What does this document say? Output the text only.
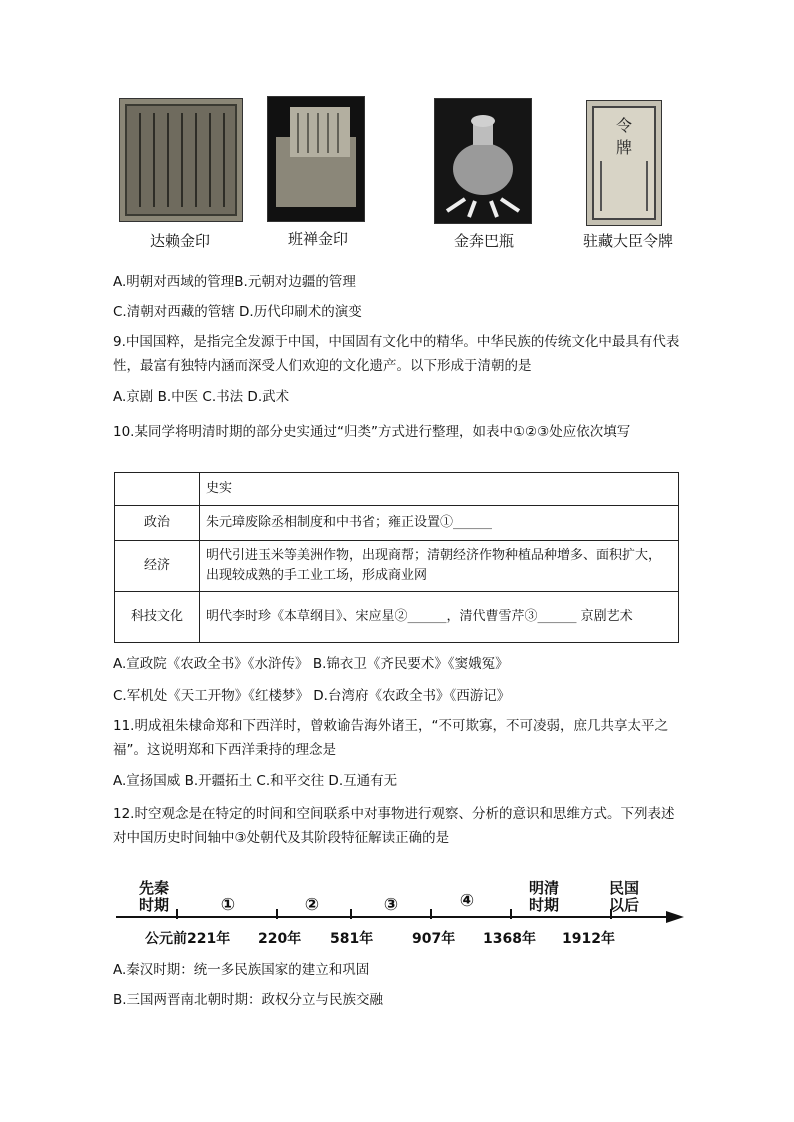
令
牌
达赖金印	班禅金印	金奔巴瓶	驻藏大臣令牌
A.明朝对西域的管理B.元朝对边疆的管理
C.清朝对西藏的管辖 D.历代印刷术的演变
9.中国国粹，是指完全发源于中国，中国固有文化中的精华。中华民族的传统文化中最具有代表性，最富有独特内涵而深受人们欢迎的文化遗产。以下形成于清朝的是
A.京剧 B.中医 C.书法 D.武术
10.某同学将明清时期的部分史实通过“归类”方式进行整理，如表中①②③处应依次填写
	史实
政治	朱元璋废除丞相制度和中书省；雍正设置①______
经济	明代引进玉米等美洲作物，出现商帮；清朝经济作物种植品种增多、面积扩大，出现较成熟的手工业工场，形成商业网
科技文化	明代李时珍《本草纲目》、宋应星②______，清代曹雪芹③______ 京剧艺术
A.宣政院《农政全书》《水浒传》 B.锦衣卫《齐民要术》《窦娥冤》
C.军机处《天工开物》《红楼梦》 D.台湾府《农政全书》《西游记》
11.明成祖朱棣命郑和下西洋时，曾敕谕告海外诸王，“不可欺寡，不可凌弱，庶几共享太平之福”。这说明郑和下西洋秉持的理念是
A.宣扬国威 B.开疆拓土 C.和平交往 D.互通有无
12.时空观念是在特定的时间和空间联系中对事物进行观察、分析的意识和思维方式。下列表述对中国历史时间轴中③处朝代及其阶段特征解读正确的是
先秦时期	①	②	③	④
明清时期
民国以后
公元前221年 220年 581年	907年 1368年 1912年
A.秦汉时期：统一多民族国家的建立和巩固
B.三国两晋南北朝时期：政权分立与民族交融
